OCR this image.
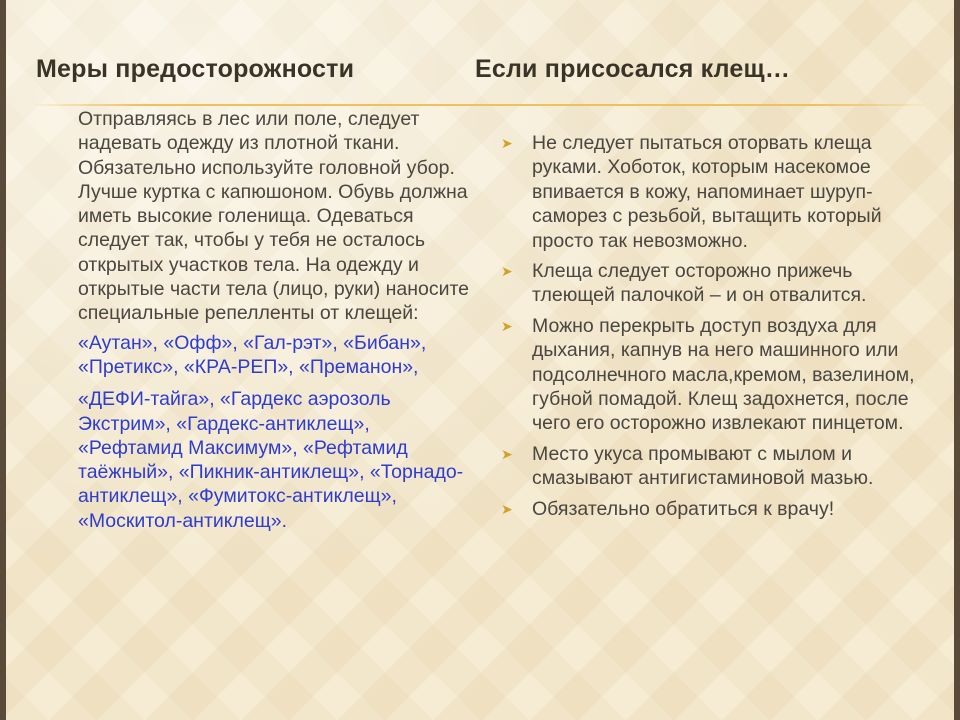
Меры предосторожности	Если присосался клещ…

Отправляясь в лес или поле, следует надевать одежду из плотной ткани. Обязательно используйте головной убор. Лучше куртка с капюшоном. Обувь должна иметь высокие голенища. Одеваться следует так, чтобы у тебя не осталось открытых участков тела. На одежду и открытые части тела (лицо, руки) наносите специальные репелленты от клещей:

«Аутан», «Офф», «Гал-рэт», «Бибан», «Претикс», «КРА-РЕП», «Преманон»,

«ДЕФИ-тайга», «Гардекс аэрозоль Экстрим», «Гардекс-антиклещ», «Рефтамид Максимум», «Рефтамид таёжный», «Пикник-антиклещ», «Торнадо-антиклещ», «Фумитокс-антиклещ», «Москитол-антиклещ».

➤ Не следует пытаться оторвать клеща руками. Хоботок, которым насекомое впивается в кожу, напоминает шуруп-саморез с резьбой, вытащить который просто так невозможно.
➤ Клеща следует осторожно прижечь тлеющей палочкой – и он отвалится.
➤ Можно перекрыть доступ воздуха для дыхания, капнув на него машинного или подсолнечного масла,кремом, вазелином, губной помадой. Клещ задохнется, после чего его осторожно извлекают пинцетом.
➤ Место укуса промывают с мылом и смазывают антигистаминовой мазью.
➤ Обязательно обратиться к врачу!
